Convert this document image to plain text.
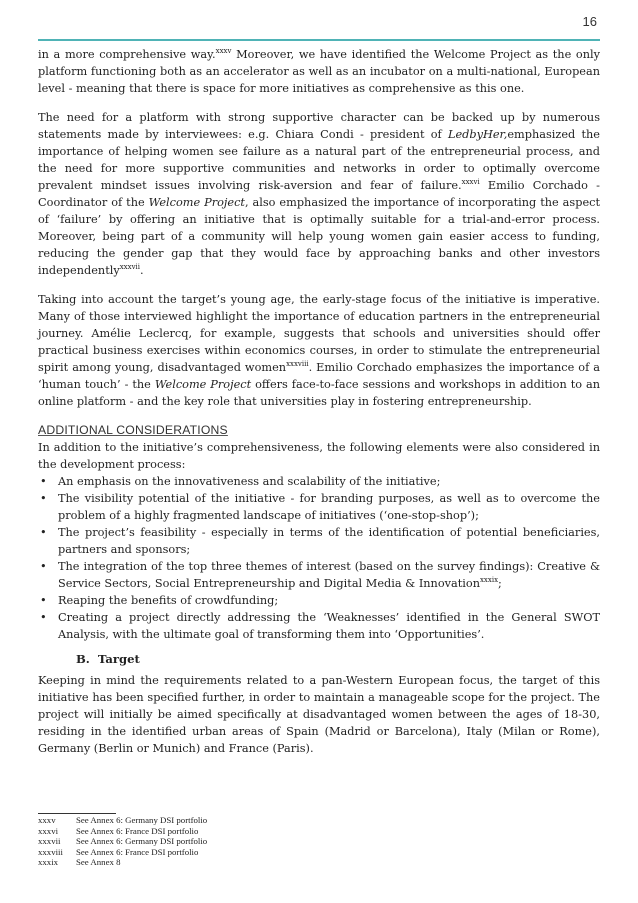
16

in a more comprehensive way.$^{xxxv}$ Moreover, we have identified the Welcome Project as the only platform functioning both as an accelerator as well as an incubator on a multi-national, European level - meaning that there is space for more initiatives as comprehensive as this one.

The need for a platform with strong supportive character can be backed up by numerous statements made by interviewees: e.g. Chiara Condi - president of LedbyHer,emphasized the importance of helping women see failure as a natural part of the entrepreneurial process, and the need for more supportive communities and networks in order to optimally overcome prevalent mindset issues involving risk-aversion and fear of failure.$^{xxxvi}$ Emilio Corchado - Coordinator of the Welcome Project, also emphasized the importance of incorporating the aspect of ‘failure’ by offering an initiative that is optimally suitable for a trial-and-error process. Moreover, being part of a community will help young women gain easier access to funding, reducing the gender gap that they would face by approaching banks and other investors independently$^{xxxvii}$.

Taking into account the target’s young age, the early-stage focus of the initiative is imperative. Many of those interviewed highlight the importance of education partners in the entrepreneurial journey. Amélie Leclercq, for example, suggests that schools and universities should offer practical business exercises within economics courses, in order to stimulate the entrepreneurial spirit among young, disadvantaged women$^{xxxviii}$. Emilio Corchado emphasizes the importance of a ‘human touch’ - the Welcome Project offers face-to-face sessions and workshops in addition to an online platform - and the key role that universities play in fostering entrepreneurship.

ADDITIONAL CONSIDERATIONS

In addition to the initiative’s comprehensiveness, the following elements were also considered in the development process:

• An emphasis on the innovativeness and scalability of the initiative;
• The visibility potential of the initiative - for branding purposes, as well as to overcome the problem of a highly fragmented landscape of initiatives (‘one-stop-shop’);
• The project’s feasibility - especially in terms of the identification of potential beneficiaries, partners and sponsors;
• The integration of the top three themes of interest (based on the survey findings): Creative & Service Sectors, Social Entrepreneurship and Digital Media & Innovation$^{xxxix}$;
• Reaping the benefits of crowdfunding;
• Creating a project directly addressing the ‘Weaknesses’ identified in the General SWOT Analysis, with the ultimate goal of transforming them into ‘Opportunities’.
B. Target

Keeping in mind the requirements related to a pan-Western European focus, the target of this initiative has been specified further, in order to maintain a manageable scope for the project. The project will initially be aimed specifically at disadvantaged women between the ages of 18-30, residing in the identified urban areas of Spain (Madrid or Barcelona), Italy (Milan or Rome), Germany (Berlin or Munich) and France (Paris).

xxxv	See Annex 6: Germany DSI portfolio
xxxvi	See Annex 6: France DSI portfolio
xxxvii	See Annex 6: Germany DSI portfolio
xxxviii	See Annex 6: France DSI portfolio
xxxix	See Annex 8
